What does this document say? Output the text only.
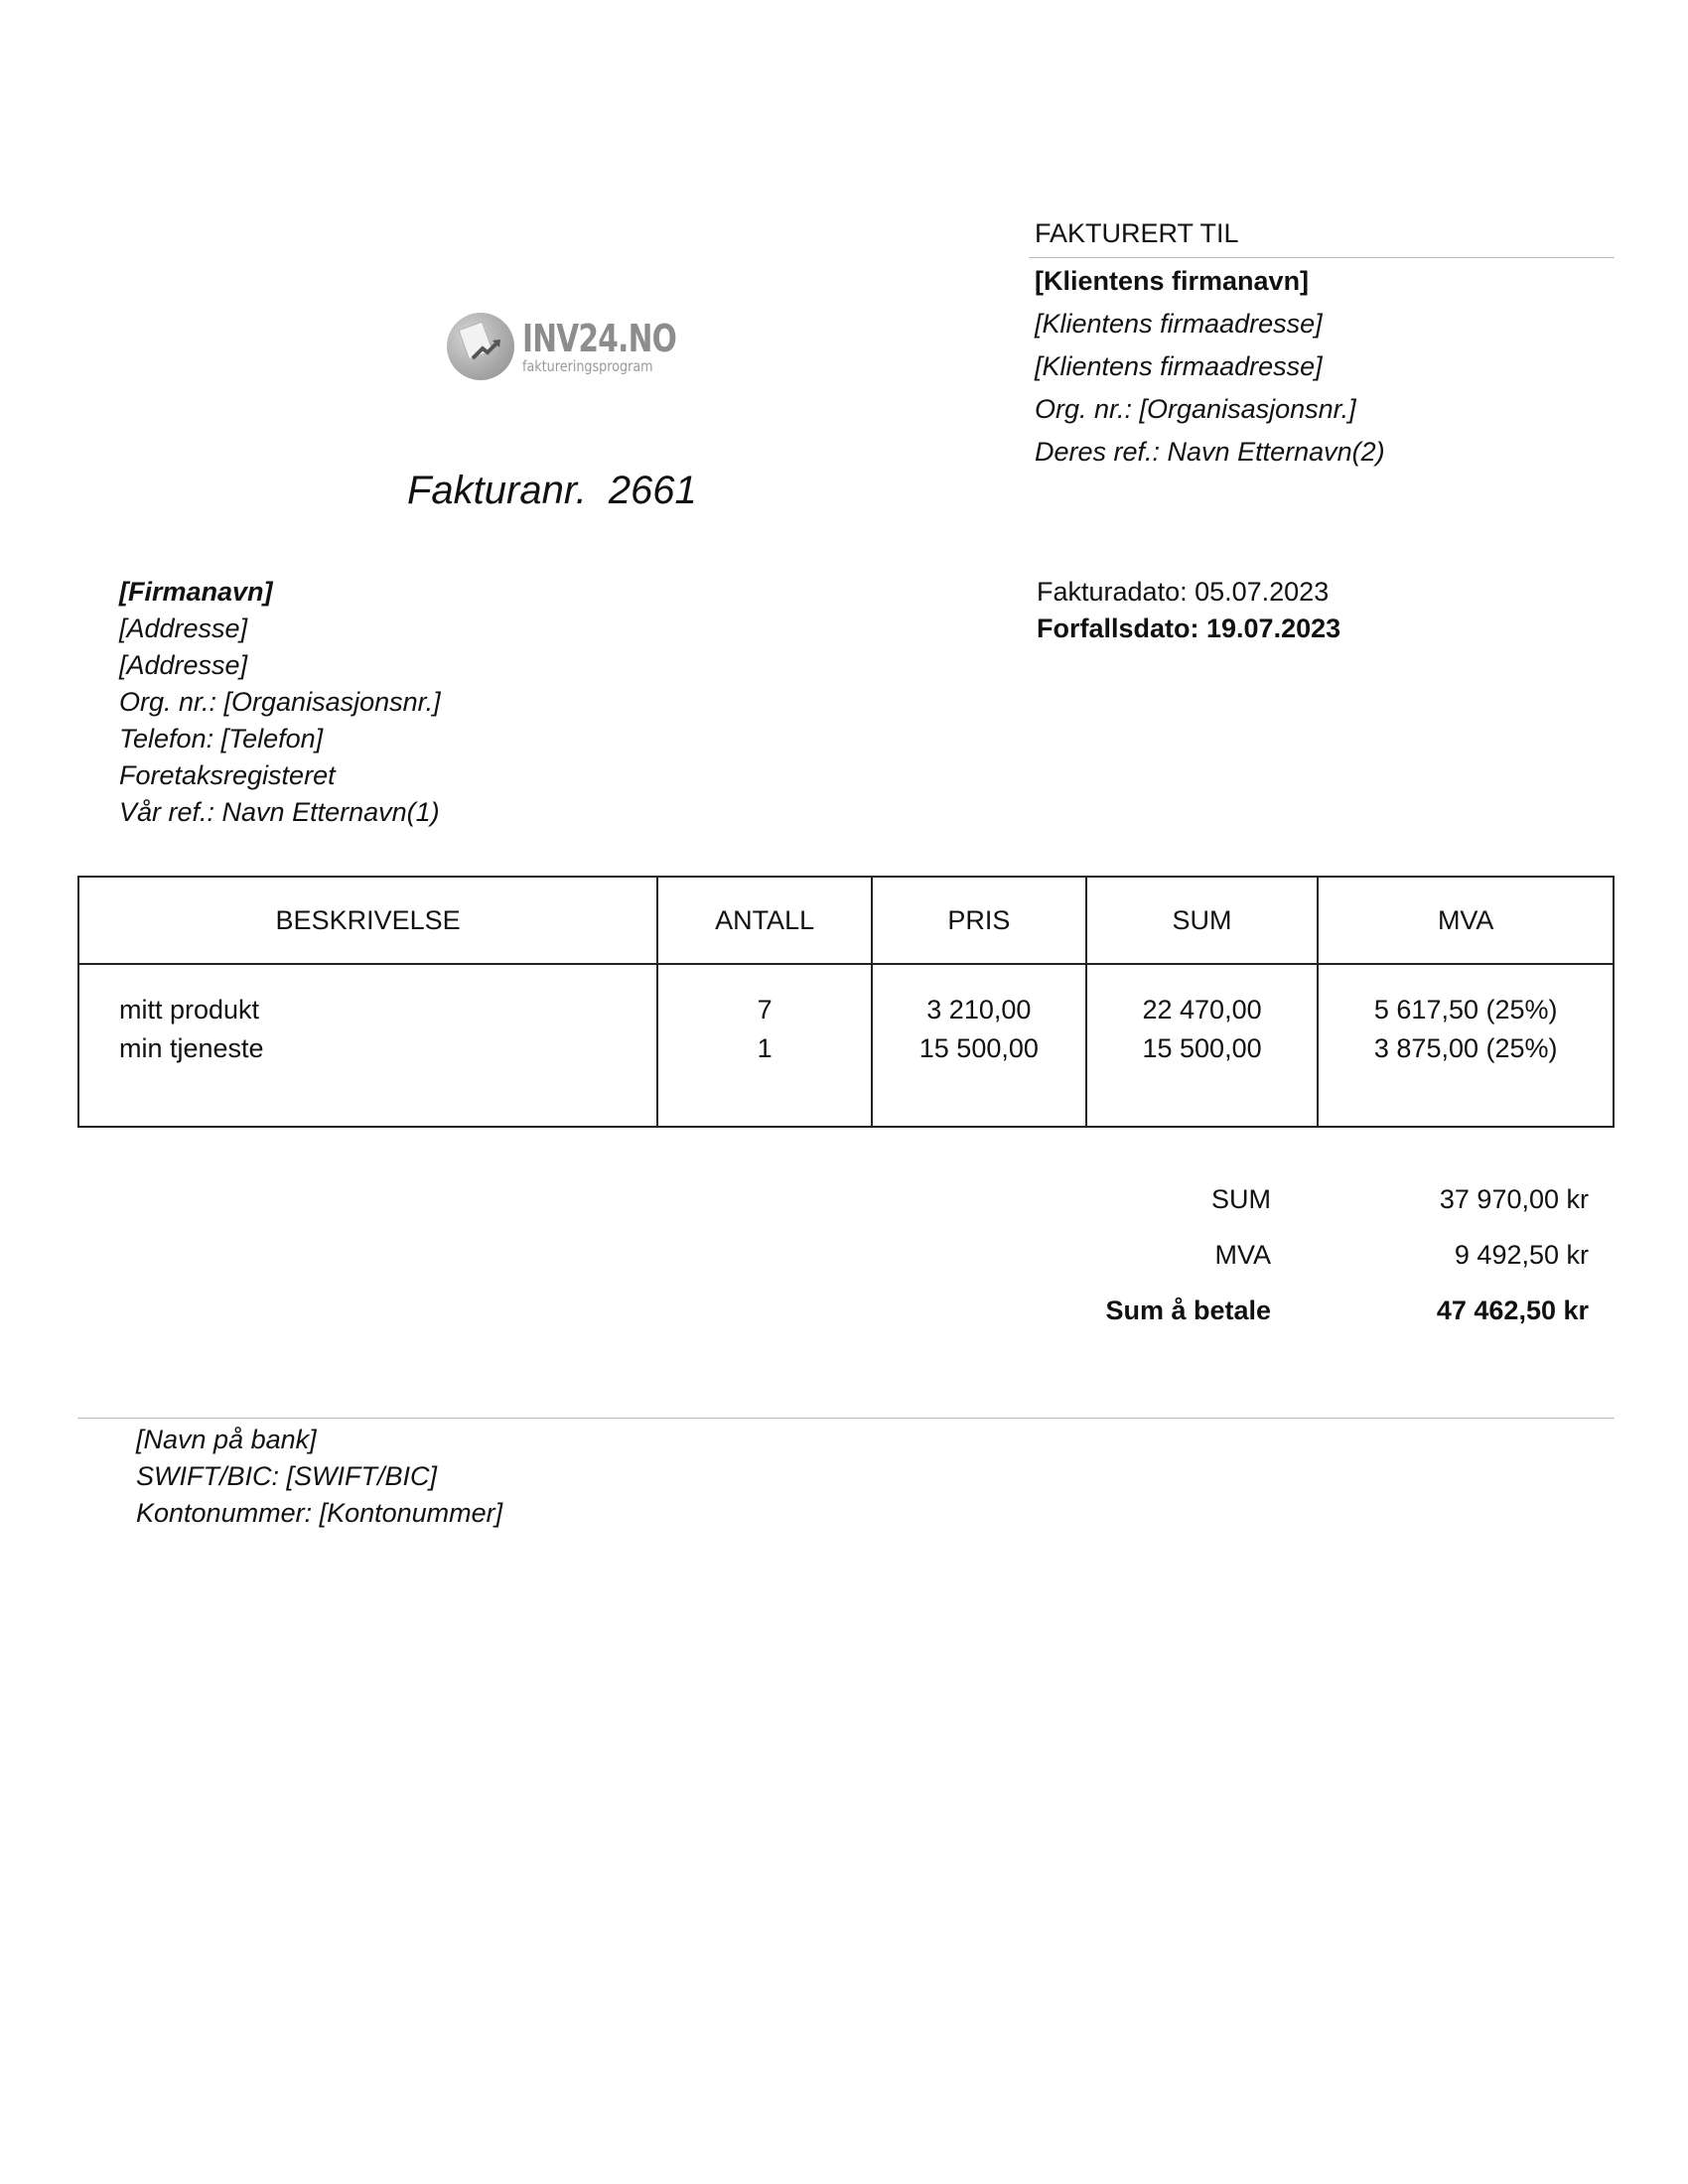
INV24.NO
faktureringsprogram
Fakturanr. 2661
FAKTURERT TIL
[Klientens firmanavn]
[Klientens firmaadresse]
[Klientens firmaadresse]
Org. nr.: [Organisasjonsnr.]
Deres ref.: Navn Etternavn(2)
[Firmanavn]
[Addresse]
[Addresse]
Org. nr.: [Organisasjonsnr.]
Telefon: [Telefon]
Foretaksregisteret
Vår ref.: Navn Etternavn(1)
Fakturadato: 05.07.2023
Forfallsdato: 19.07.2023
BESKRIVELSE	ANTALL	PRIS	SUM	MVA
mitt produkt	7	3 210,00	22 470,00	5 617,50 (25%)
min tjeneste	1	15 500,00	15 500,00	3 875,00 (25%)
SUM	37 970,00 kr
MVA	9 492,50 kr
Sum å betale	47 462,50 kr
[Navn på bank]
SWIFT/BIC: [SWIFT/BIC]
Kontonummer: [Kontonummer]
